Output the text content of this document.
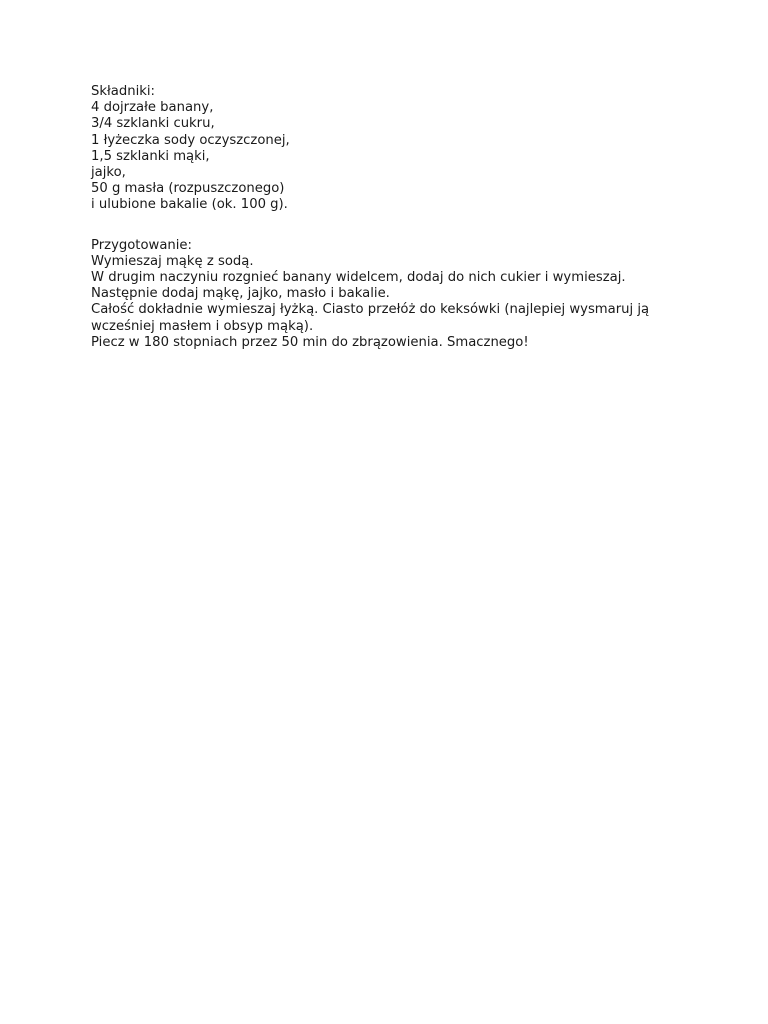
Składniki:
4 dojrzałe banany,
3/4 szklanki cukru,
1 łyżeczka sody oczyszczonej,
1,5 szklanki mąki,
jajko,
50 g masła (rozpuszczonego)
i ulubione bakalie (ok. 100 g).
Przygotowanie:
Wymieszaj mąkę z sodą.
W drugim naczyniu rozgnieć banany widelcem, dodaj do nich cukier i wymieszaj.
Następnie dodaj mąkę, jajko, masło i bakalie.
Całość dokładnie wymieszaj łyżką. Ciasto przełóż do keksówki (najlepiej wysmaruj ją
wcześniej masłem i obsyp mąką).
Piecz w 180 stopniach przez 50 min do zbrązowienia. Smacznego!
